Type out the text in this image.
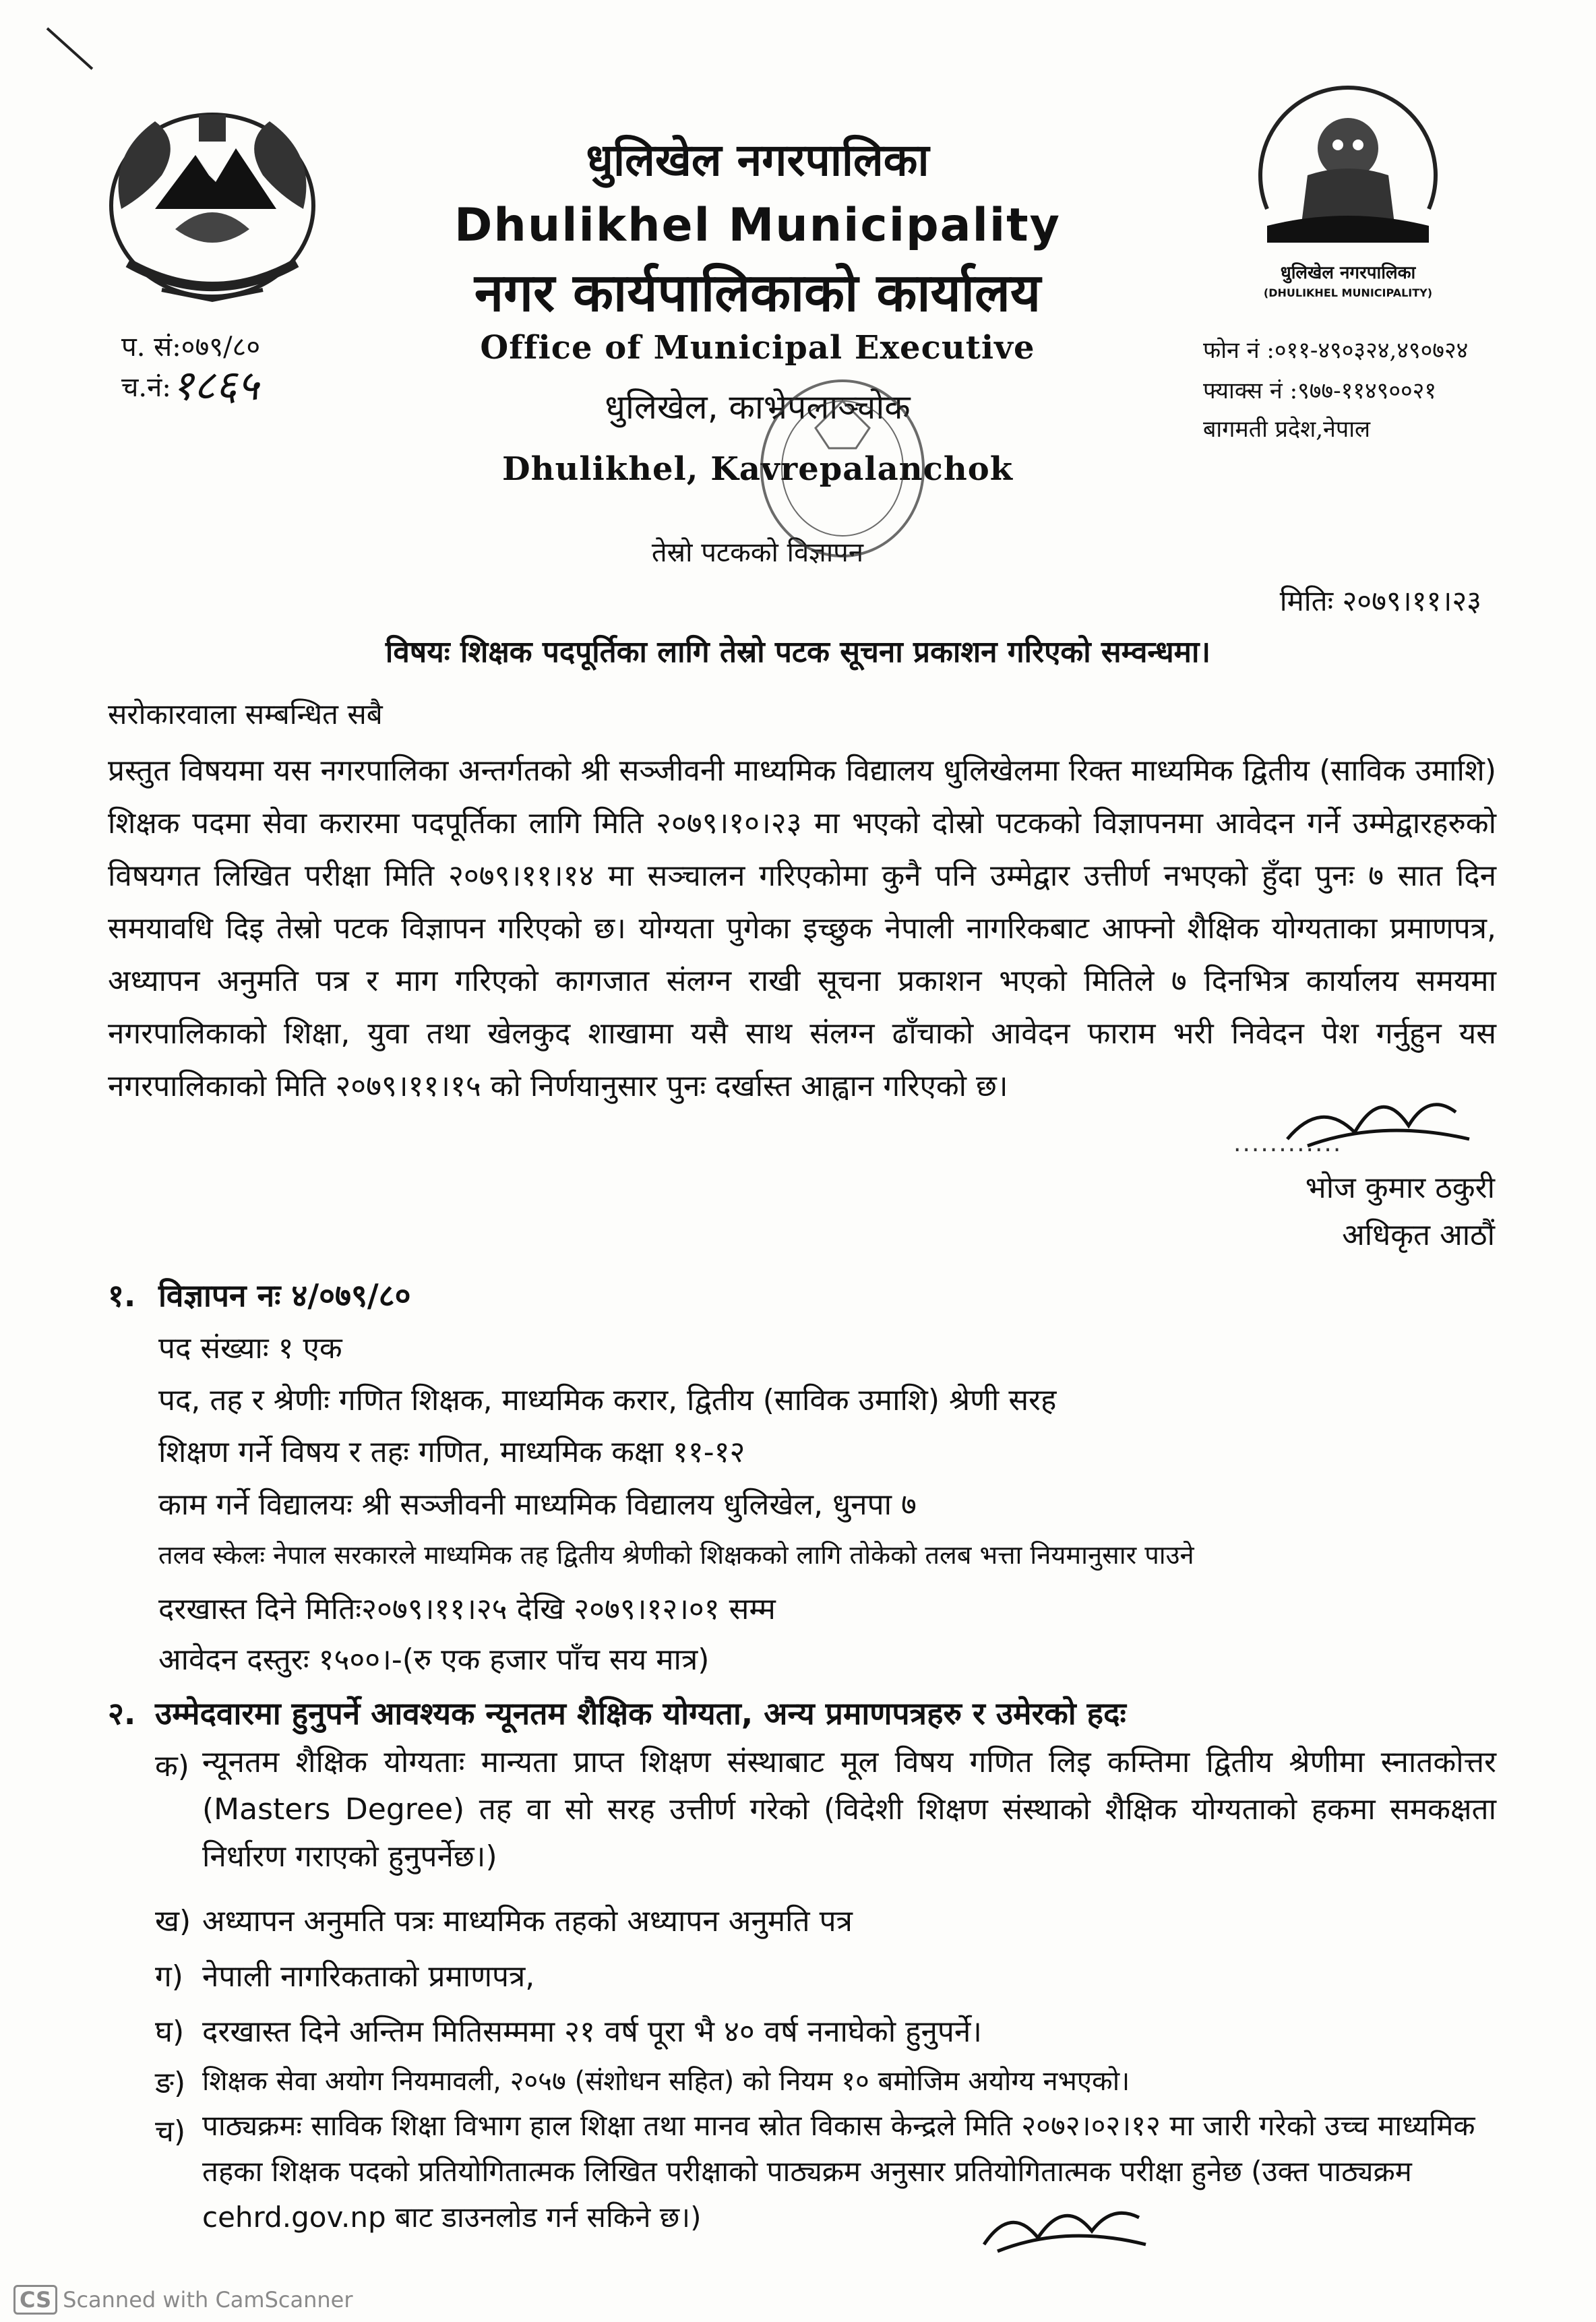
धुलिखेल नगरपालिका
(DHULIKHEL MUNICIPALITY)
धुलिखेल नगरपालिका
Dhulikhel Municipality
नगर कार्यपालिकाको कार्यालय
Office of Municipal Executive
धुलिखेल, काभ्रेपलाञ्चोक
Dhulikhel, Kavrepalanchok
तेस्रो पटकको विज्ञापन
प. सं:०७९/८०
च.नं: १८६५
फोन नं :०११-४९०३२४,४९०७२४
फ्याक्स नं :९७७-११४९००२१
बागमती प्रदेश,नेपाल
मितिः २०७९।११।२३
विषयः शिक्षक पदपूर्तिका लागि तेस्रो पटक सूचना प्रकाशन गरिएको सम्वन्धमा।
सरोकारवाला सम्बन्धित सबै
प्रस्तुत विषयमा यस नगरपालिका अन्तर्गतको श्री सञ्जीवनी माध्यमिक विद्यालय धुलिखेलमा रिक्त माध्यमिक द्वितीय (साविक उमाशि) शिक्षक पदमा सेवा करारमा पदपूर्तिका लागि मिति २०७९।१०।२३ मा भएको दोस्रो पटकको विज्ञापनमा आवेदन गर्ने उम्मेद्वारहरुको विषयगत लिखित परीक्षा मिति २०७९।११।१४ मा सञ्चालन गरिएकोमा कुनै पनि उम्मेद्वार उत्तीर्ण नभएको हुँदा पुनः ७ सात दिन समयावधि दिइ तेस्रो पटक विज्ञापन गरिएको छ। योग्यता पुगेका इच्छुक नेपाली नागरिकबाट आफ्नो शैक्षिक योग्यताका प्रमाणपत्र, अध्यापन अनुमति पत्र र माग गरिएको कागजात संलग्न राखी सूचना प्रकाशन भएको मितिले ७ दिनभित्र कार्यालय समयमा नगरपालिकाको शिक्षा, युवा तथा खेलकुद शाखामा यसै साथ संलग्न ढाँचाको आवेदन फाराम भरी निवेदन पेश गर्नुहुन यस नगरपालिकाको मिति २०७९।११।१५ को निर्णयानुसार पुनः दर्खास्त आह्वान गरिएको छ।
............
भोज कुमार ठकुरी
अधिकृत आठौं
१. विज्ञापन नः ४/०७९/८०
पद संख्याः १ एक
पद, तह र श्रेणीः गणित शिक्षक, माध्यमिक करार, द्वितीय (साविक उमाशि) श्रेणी सरह
शिक्षण गर्ने विषय र तहः गणित, माध्यमिक कक्षा ११-१२
काम गर्ने विद्यालयः श्री सञ्जीवनी माध्यमिक विद्यालय धुलिखेल, धुनपा ७
तलव स्केलः नेपाल सरकारले माध्यमिक तह द्वितीय श्रेणीको शिक्षकको लागि तोकेको तलब भत्ता नियमानुसार पाउने
दरखास्त दिने मितिः२०७९।११।२५ देखि २०७९।१२।०१ सम्म
आवेदन दस्तुरः १५००।-(रु एक हजार पाँच सय मात्र)
२. उम्मेदवारमा हुनुपर्ने आवश्यक न्यूनतम शैक्षिक योग्यता, अन्य प्रमाणपत्रहरु र उमेरको हदः
क) न्यूनतम शैक्षिक योग्यताः मान्यता प्राप्त शिक्षण संस्थाबाट मूल विषय गणित लिइ कम्तिमा द्वितीय श्रेणीमा स्नातकोत्तर (Masters Degree) तह वा सो सरह उत्तीर्ण गरेको (विदेशी शिक्षण संस्थाको शैक्षिक योग्यताको हकमा समकक्षता निर्धारण गराएको हुनुपर्नेछ।)
ख) अध्यापन अनुमति पत्रः माध्यमिक तहको अध्यापन अनुमति पत्र
ग) नेपाली नागरिकताको प्रमाणपत्र,
घ) दरखास्त दिने अन्तिम मितिसम्ममा २१ वर्ष पूरा भै ४० वर्ष ननाघेको हुनुपर्ने।
ङ) शिक्षक सेवा अयोग नियमावली, २०५७ (संशोधन सहित) को नियम १० बमोजिम अयोग्य नभएको।
च) पाठ्यक्रमः साविक शिक्षा विभाग हाल शिक्षा तथा मानव स्रोत विकास केन्द्रले मिति २०७२।०२।१२ मा जारी गरेको उच्च माध्यमिक तहका शिक्षक पदको प्रतियोगितात्मक लिखित परीक्षाको पाठ्यक्रम अनुसार प्रतियोगितात्मक परीक्षा हुनेछ (उक्त पाठ्यक्रम cehrd.gov.np बाट डाउनलोड गर्न सकिने छ।)
CS Scanned with CamScanner
